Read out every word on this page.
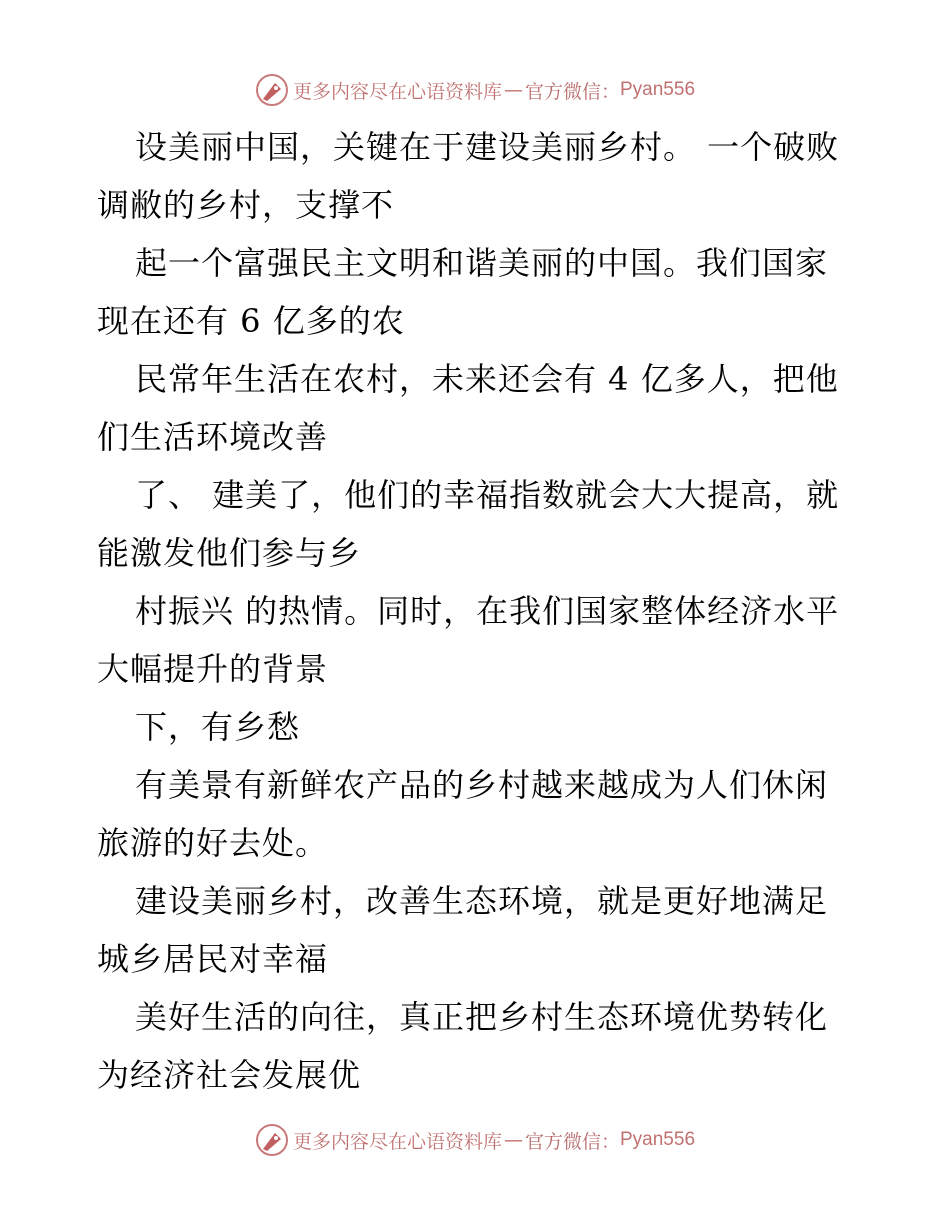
更多内容尽在心语资料库 — 官方微信： Pyan556

设美丽中国，关键在于建设美丽乡村。 一个破败调敝的乡村，支撑不

起一个富强民主文明和谐美丽的中国。我们国家现在还有 6 亿多的农

民常年生活在农村，未来还会有 4 亿多人，把他们生活环境改善

了、 建美了，他们的幸福指数就会大大提高，就能激发他们参与乡

村振兴 的热情。同时，在我们国家整体经济水平大幅提升的背景

下，有乡愁

有美景有新鲜农产品的乡村越来越成为人们休闲旅游的好去处。

建设美丽乡村，改善生态环境，就是更好地满足城乡居民对幸福

美好生活的向往，真正把乡村生态环境优势转化为经济社会发展优

更多内容尽在心语资料库 — 官方微信： Pyan556
